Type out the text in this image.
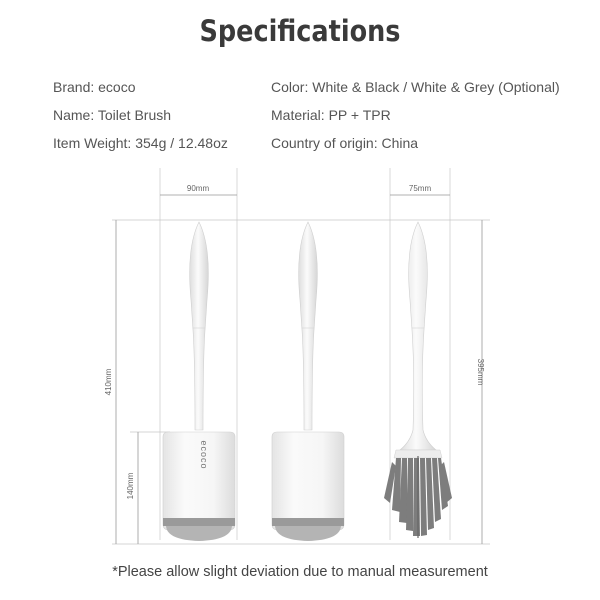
Specifications
Brand: ecoco
Name: Toilet Brush
Item Weight: 354g / 12.48oz
Color: White & Black / White & Grey (Optional)
Material: PP + TPR
Country of origin: China
90mm	75mm
410mm
140mm
395mm
ecoco
*Please allow slight deviation due to manual measurement
